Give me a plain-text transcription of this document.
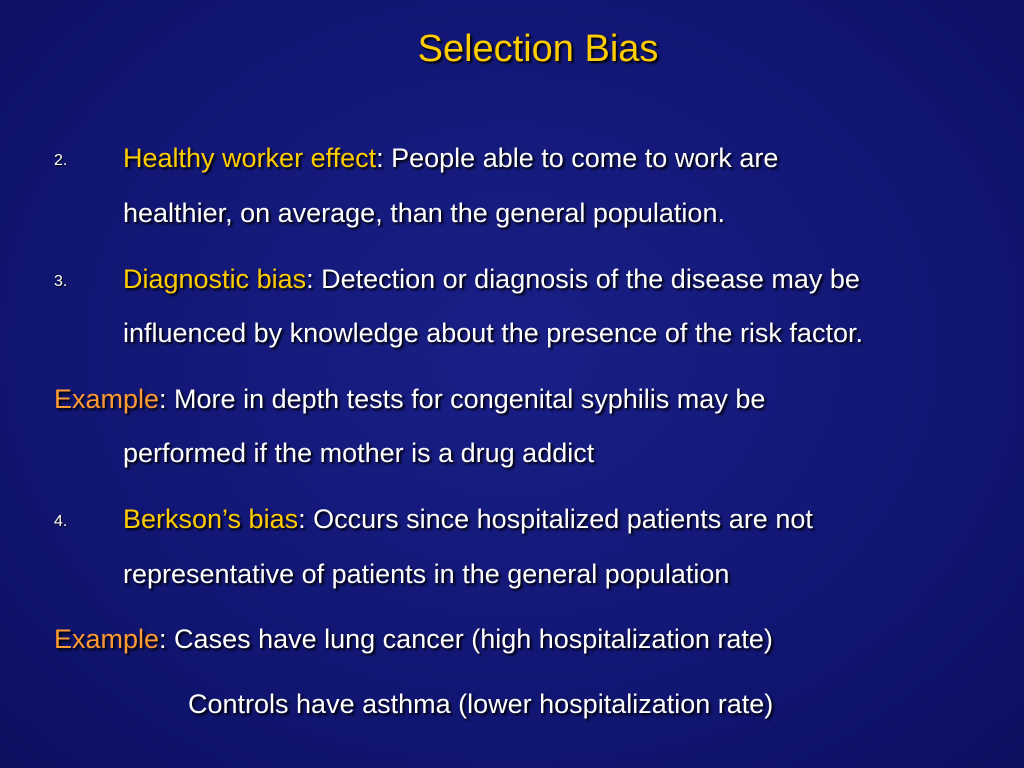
Selection Bias
2. Healthy worker effect: People able to come to work are
healthier, on average, than the general population.
3. Diagnostic bias: Detection or diagnosis of the disease may be
influenced by knowledge about the presence of the risk factor.
Example: More in depth tests for congenital syphilis may be
performed if the mother is a drug addict
4. Berkson’s bias: Occurs since hospitalized patients are not
representative of patients in the general population
Example: Cases have lung cancer (high hospitalization rate)
Controls have asthma (lower hospitalization rate)
